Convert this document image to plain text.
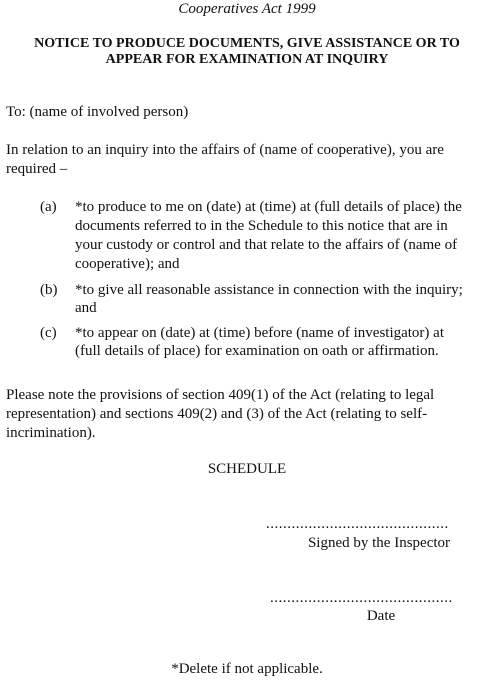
Cooperatives Act 1999

NOTICE TO PRODUCE DOCUMENTS, GIVE ASSISTANCE OR TO

APPEAR FOR EXAMINATION AT INQUIRY

To: (name of involved person)

In relation to an inquiry into the affairs of (name of cooperative), you are

required –

(a) *to produce to me on (date) at (time) at (full details of place) the

documents referred to in the Schedule to this notice that are in

your custody or control and that relate to the affairs of (name of

cooperative); and

(b) *to give all reasonable assistance in connection with the inquiry;

and

(c) *to appear on (date) at (time) before (name of investigator) at

(full details of place) for examination on oath or affirmation.

Please note the provisions of section 409(1) of the Act (relating to legal

representation) and sections 409(2) and (3) of the Act (relating to self-

incrimination).

SCHEDULE

...........................................

Signed by the Inspector

...........................................

Date

*Delete if not applicable.
